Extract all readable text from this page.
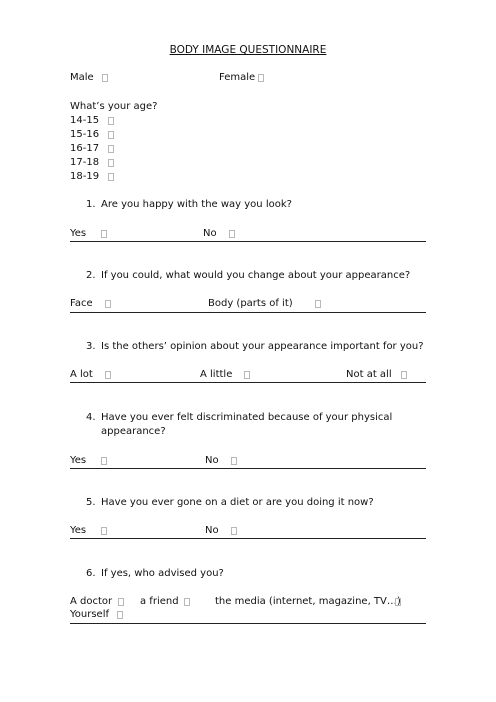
BODY IMAGE QUESTIONNAIRE
Male	Female
What’s your age?
14-15
15-16
16-17
17-18
18-19
1. Are you happy with the way you look?
Yes	No
2. If you could, what would you change about your appearance?
Face	Body (parts of it)
3. Is the others’ opinion about your appearance important for you?
A lot	A little	Not at all
4. Have you ever felt discriminated because of your physical
appearance?
Yes	No
5. Have you ever gone on a diet or are you doing it now?
Yes	No
6. If yes, who advised you?
A doctor	a friend	the media (internet, magazine, TV…)
Yourself
